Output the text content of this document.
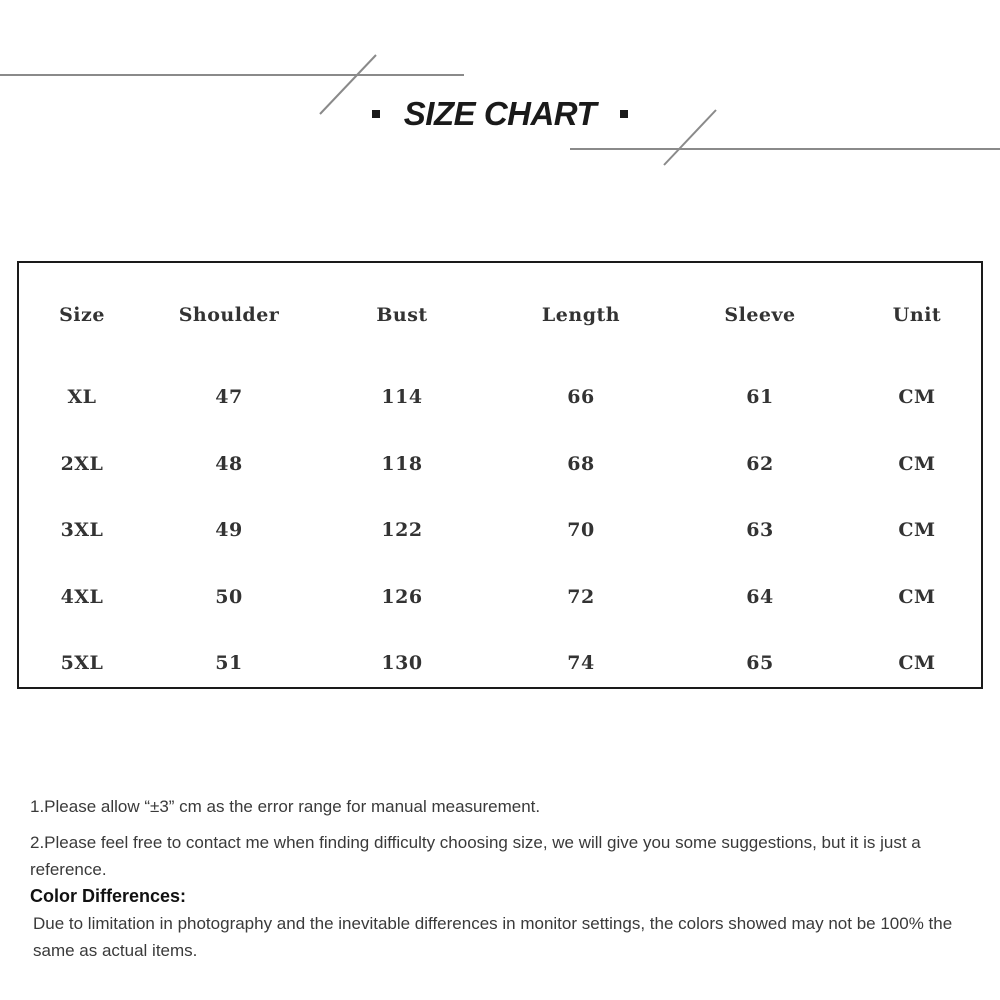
SIZE CHART
Size	Shoulder	Bust	Length	Sleeve	Unit
XL	47	114	66	61	CM
2XL	48	118	68	62	CM
3XL	49	122	70	63	CM
4XL	50	126	72	64	CM
5XL	51	130	74	65	CM

1.Please allow “±3” cm as the error range for manual measurement.

2.Please feel free to contact me when finding difficulty choosing size, we will give you some suggestions, but it is just a reference.

Color Differences:

Due to limitation in photography and the inevitable differences in monitor settings, the colors showed may not be 100% the same as actual items.
